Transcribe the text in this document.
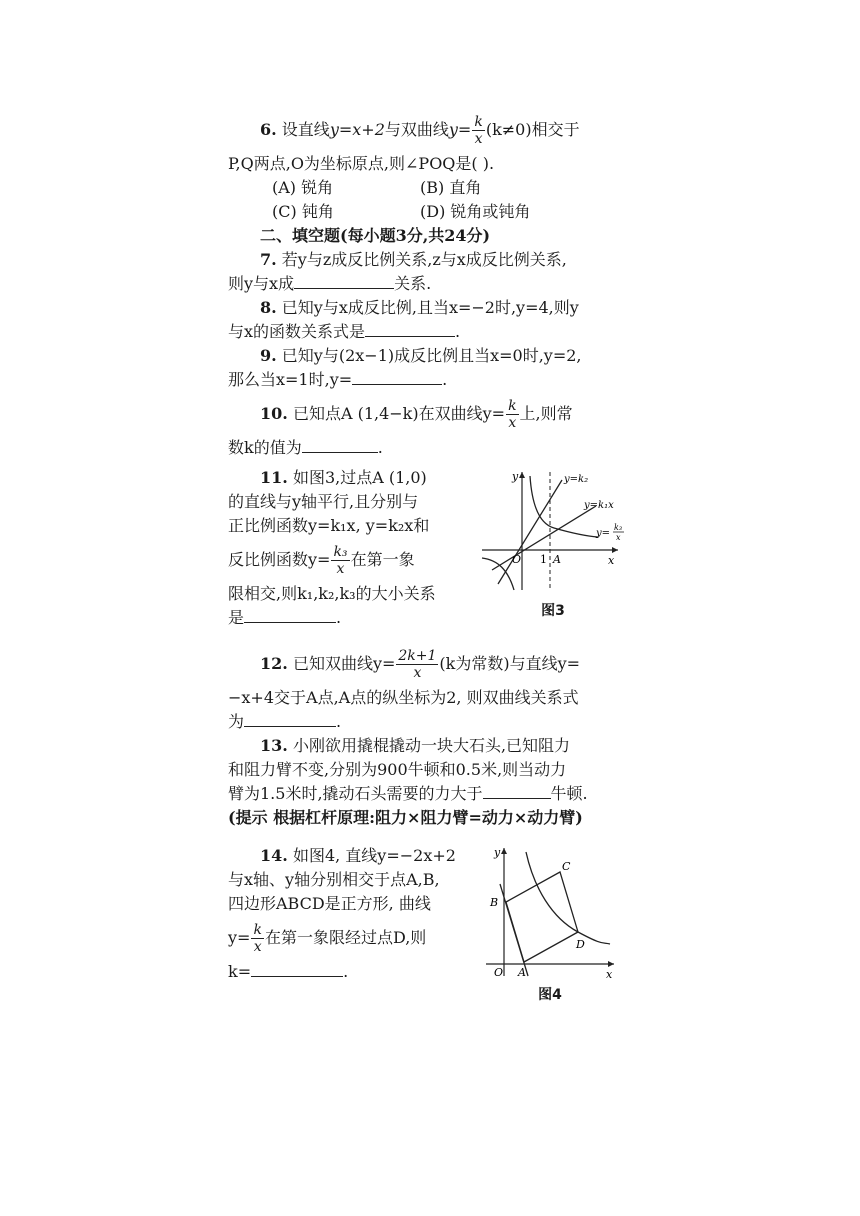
6. 设直线y=x+2与双曲线$y= \frac{k}{x} (k\ne 0)$相交于
P,Q两点,O为坐标原点,则∠POQ是( ).
(A) 锐角	(B) 直角
(C) 钝角	(D) 锐角或钝角
二、填空题(每小题3分,共24分)
7. 若y与z成反比例关系,z与x成反比例关系,
则y与x成	关系.
8. 已知y与x成反比例,且当x=−2时,y=4,则y
与x的函数关系式是	.
9. 已知y与(2x−1)成反比例且当x=0时,y=2,
那么当x=1时,y=	.
10. 已知点A (1,4−k)在双曲线$y= \frac{k}{x}$ 上,则常
数k的值为	.
11. 如图3,过点A (1,0)
的直线与y轴平行,且分别与
正比例函数y=k₁x, y=k₂x和
反比例函数$y= \frac{\text{k₃}}{x}$ 在第一象
限相交,则k₁,k₂,k₃的大小关系
是	.
y
x
O 1 A
y=k₂
y=k₁x
y=
k₃
x
图3
12. 已知双曲线$y= \frac{2k+1}{x} (k$为常数)与直线y=
−x+4交于A点,A点的纵坐标为2, 则双曲线关系式
为	.
13. 小刚欲用撬棍撬动一块大石头,已知阻力
和阻力臂不变,分别为900牛顿和0.5米,则当动力
臂为1.5米时,撬动石头需要的力大于	牛顿.
(提示 根据杠杆原理:阻力×阻力臂=动力×动力臂)
14. 如图4, 直线y=−2x+2
与x轴、y轴分别相交于点A,B,
四边形ABCD是正方形, 曲线
$y= \frac{k}{x}$ 在第一象限经过点D,则
k=	.
y
x
O A
B
C
D
图4
